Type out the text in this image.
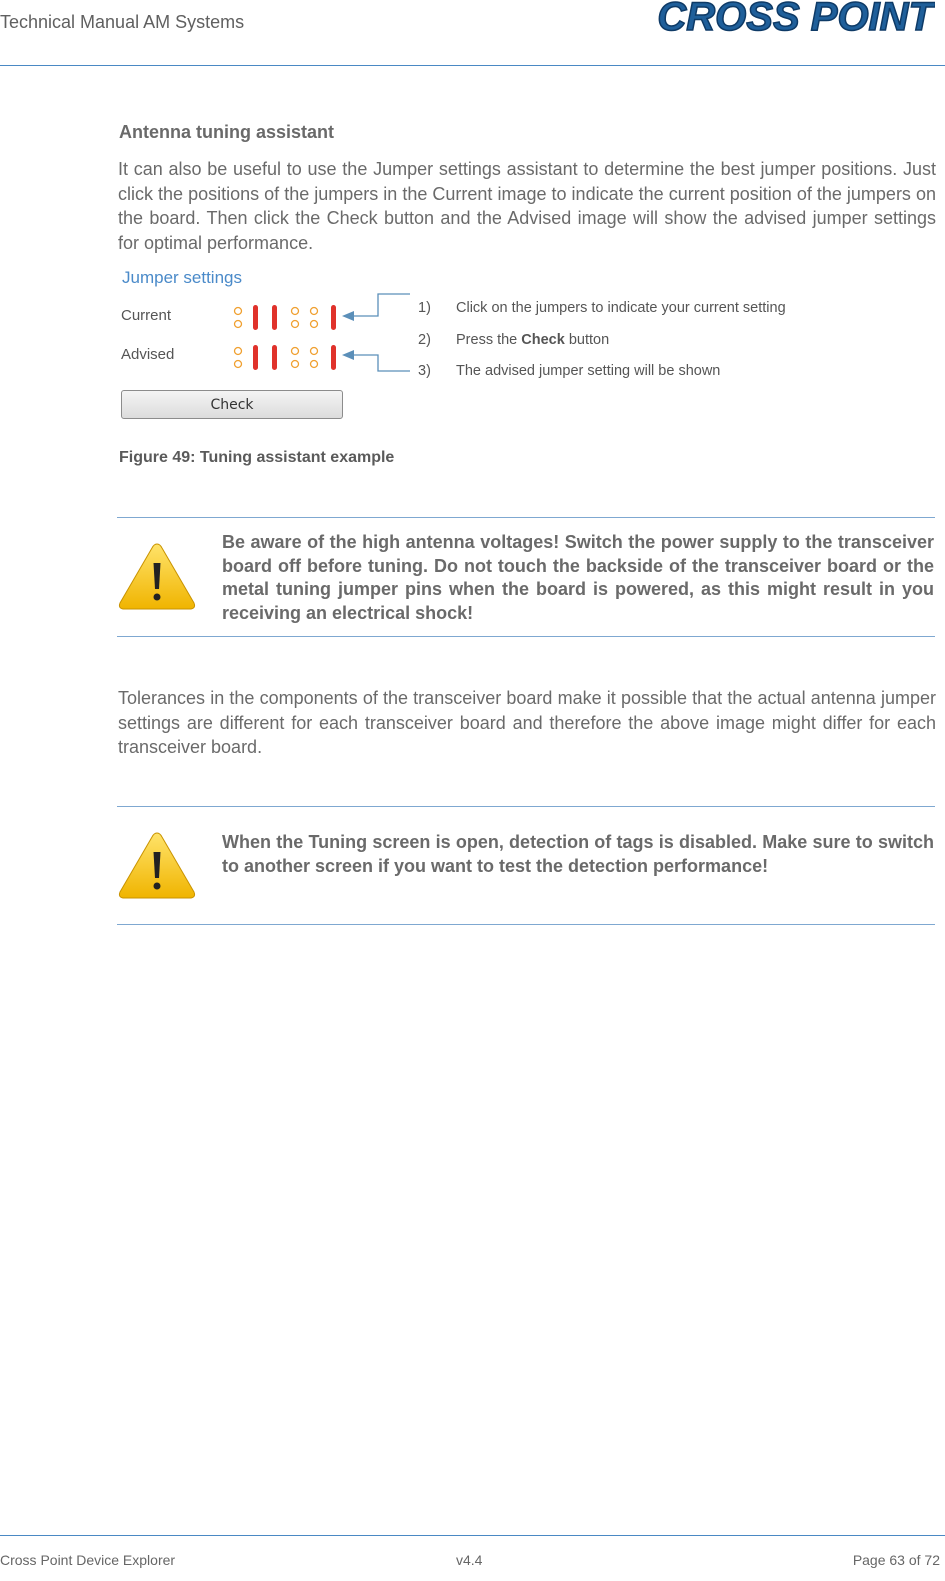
Technical Manual AM Systems	CROSS POINT
Antenna tuning assistant
It can also be useful to use the Jumper settings assistant to determine the best jumper positions. Just click the positions of the jumpers in the Current image to indicate the current position of the jumpers on the board. Then click the Check button and the Advised image will show the advised jumper settings for optimal performance.
Jumper settings
Current
Advised
Check
1) Click on the jumpers to indicate your current setting
2) Press the Check button
3) The advised jumper setting will be shown
Figure 49: Tuning assistant example
Be aware of the high antenna voltages! Switch the power supply to the transceiver board off before tuning. Do not touch the backside of the transceiver board or the metal tuning jumper pins when the board is powered, as this might result in you receiving an electrical shock!
Tolerances in the components of the transceiver board make it possible that the actual antenna jumper settings are different for each transceiver board and therefore the above image might differ for each transceiver board.
When the Tuning screen is open, detection of tags is disabled. Make sure to switch to another screen if you want to test the detection performance!
Cross Point Device Explorer	v4.4	Page 63 of 72
